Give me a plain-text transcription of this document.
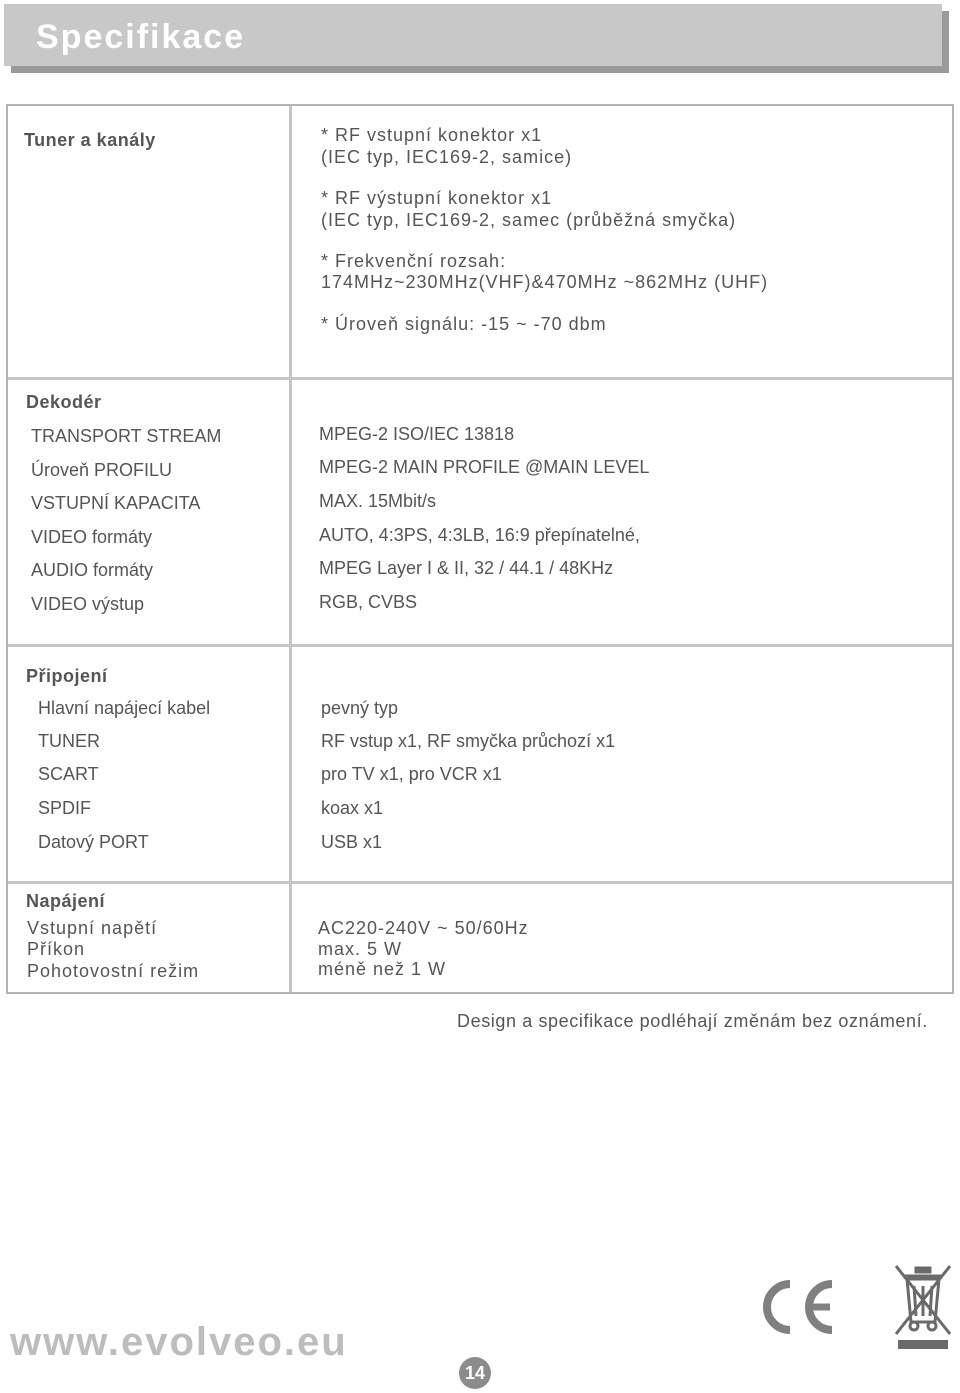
Specifikace
Tuner a kanály	* RF vstupní konektor x1
(IEC typ, IEC169-2, samice)
* RF výstupní konektor x1
(IEC typ, IEC169-2, samec (průběžná smyčka)
* Frekvenční rozsah:
174MHz~230MHz(VHF)&470MHz ~862MHz (UHF)
* Úroveň signálu: -15 ~ -70 dbm
Dekodér
TRANSPORT STREAM	MPEG-2 ISO/IEC 13818
Úroveň PROFILU	MPEG-2 MAIN PROFILE @MAIN LEVEL
VSTUPNÍ KAPACITA	MAX. 15Mbit/s
VIDEO formáty	AUTO, 4:3PS, 4:3LB, 16:9 přepínatelné,
AUDIO formáty	MPEG Layer I & II, 32 / 44.1 / 48KHz
VIDEO výstup	RGB, CVBS
Připojení
Hlavní napájecí kabel	pevný typ
TUNER	RF vstup x1, RF smyčka průchozí x1
SCART	pro TV x1, pro VCR x1
SPDIF	koax x1
Datový PORT	USB x1
Napájení
Vstupní napětí	AC220-240V ~ 50/60Hz
Příkon	max. 5 W
Pohotovostní režim	méně než 1 W
Design a specifikace podléhají změnám bez oznámení.
www.evolveo.eu
14
